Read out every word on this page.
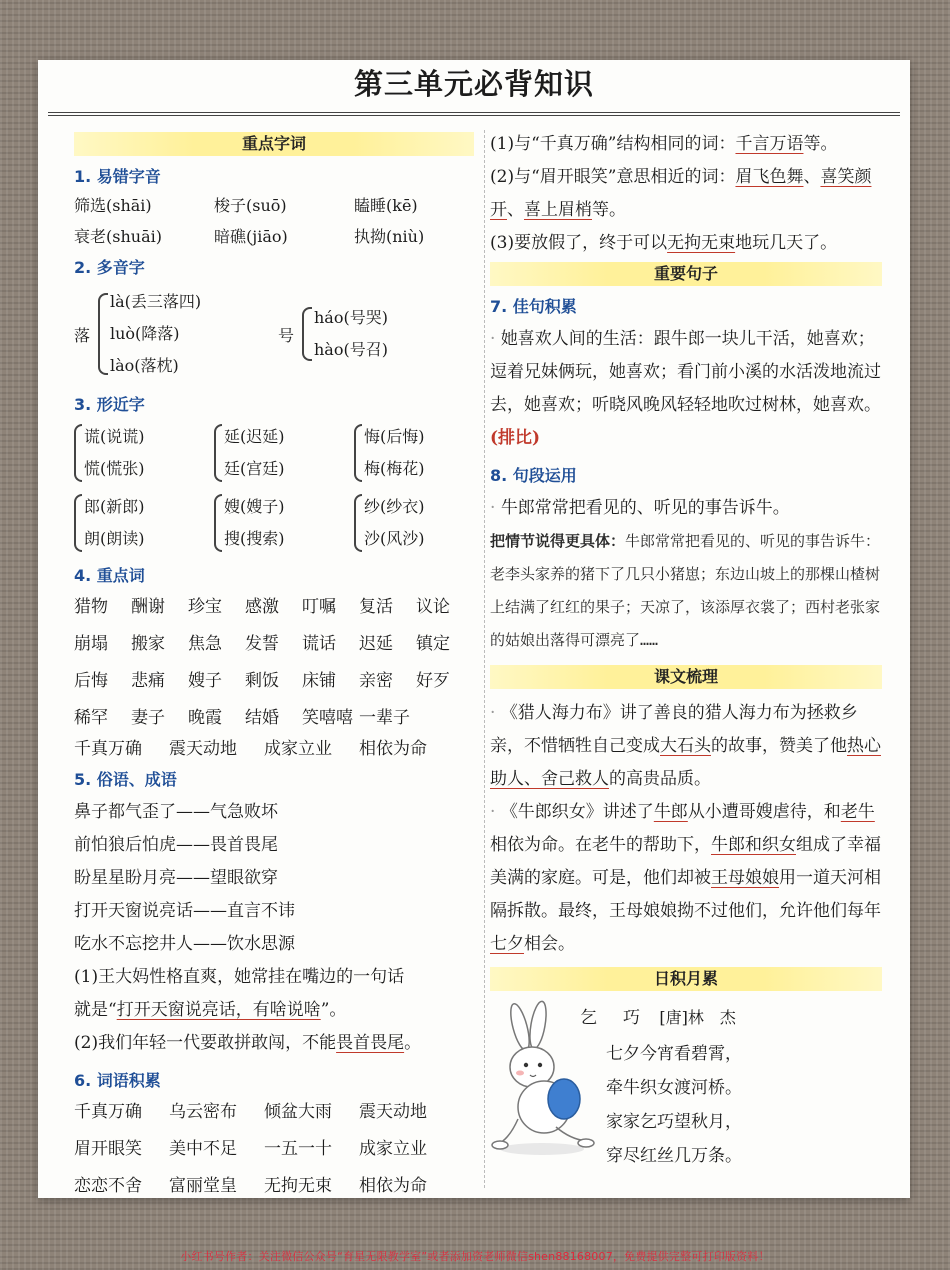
第三单元必背知识
重点字词
1. 易错字音
筛选(shāi)	梭子(suō)	瞌睡(kē)
衰老(shuāi)	暗礁(jiāo)	执拗(niù)
2. 多音字
落
là(丢三落四)
luò(降落)
lào(落枕)
号
háo(号哭)
hào(号召)
3. 形近字
谎(说谎)
慌(慌张)
延(迟延)
廷(宫廷)
悔(后悔)
梅(梅花)
郎(新郎)
朗(朗读)
嫂(嫂子)
搜(搜索)
纱(纱衣)
沙(风沙)
4. 重点词
猎物	酬谢	珍宝	感激	叮嘱	复活	议论
崩塌	搬家	焦急	发誓	谎话	迟延	镇定
后悔	悲痛	嫂子	剩饭	床铺	亲密	好歹
稀罕	妻子	晚霞	结婚	笑嘻嘻 一辈子
千真万确	震天动地	成家立业	相依为命
5. 俗语、成语
鼻子都气歪了——气急败坏
前怕狼后怕虎——畏首畏尾
盼星星盼月亮——望眼欲穿
打开天窗说亮话——直言不讳
吃水不忘挖井人——饮水思源
(1)王大妈性格直爽，她常挂在嘴边的一句话
就是“打开天窗说亮话，有啥说啥”。
(2)我们年轻一代要敢拼敢闯，不能畏首畏尾。
6. 词语积累
千真万确	乌云密布	倾盆大雨	震天动地
眉开眼笑	美中不足	一五一十	成家立业
恋恋不舍	富丽堂皇	无拘无束	相依为命
(1)与“千真万确”结构相同的词：千言万语等。
(2)与“眉开眼笑”意思相近的词：眉飞色舞、喜笑颜开、喜上眉梢等。
(3)要放假了，终于可以无拘无束地玩几天了。
重要句子
7. 佳句积累
· 她喜欢人间的生活：跟牛郎一块儿干活，她喜欢；逗着兄妹俩玩，她喜欢；看门前小溪的水活泼地流过去，她喜欢；听晓风晚风轻轻地吹过树林，她喜欢。(排比)
8. 句段运用
· 牛郎常常把看见的、听见的事告诉牛。
把情节说得更具体：牛郎常常把看见的、听见的事告诉牛：老李头家养的猪下了几只小猪崽；东边山坡上的那棵山楂树上结满了红红的果子；天凉了，该添厚衣裳了；西村老张家的姑娘出落得可漂亮了……
课文梳理
· 《猎人海力布》讲了善良的猎人海力布为拯救乡亲，不惜牺牲自己变成大石头的故事，赞美了他热心助人、舍己救人的高贵品质。
· 《牛郎织女》讲述了牛郎从小遭哥嫂虐待，和老牛相依为命。在老牛的帮助下，牛郎和织女组成了幸福美满的家庭。可是，他们却被王母娘娘用一道天河相隔拆散。最终，王母娘娘拗不过他们，允许他们每年七夕相会。
日积月累
乞 巧 [唐]林　杰
七夕今宵看碧霄，
牵牛织女渡河桥。
家家乞巧望秋月，
穿尽红丝几万条。
小红书号作者：关注微信公众号“育星无限教学室”或者添加资老师微信shen88168007，免费提供完整可打印版资料！
